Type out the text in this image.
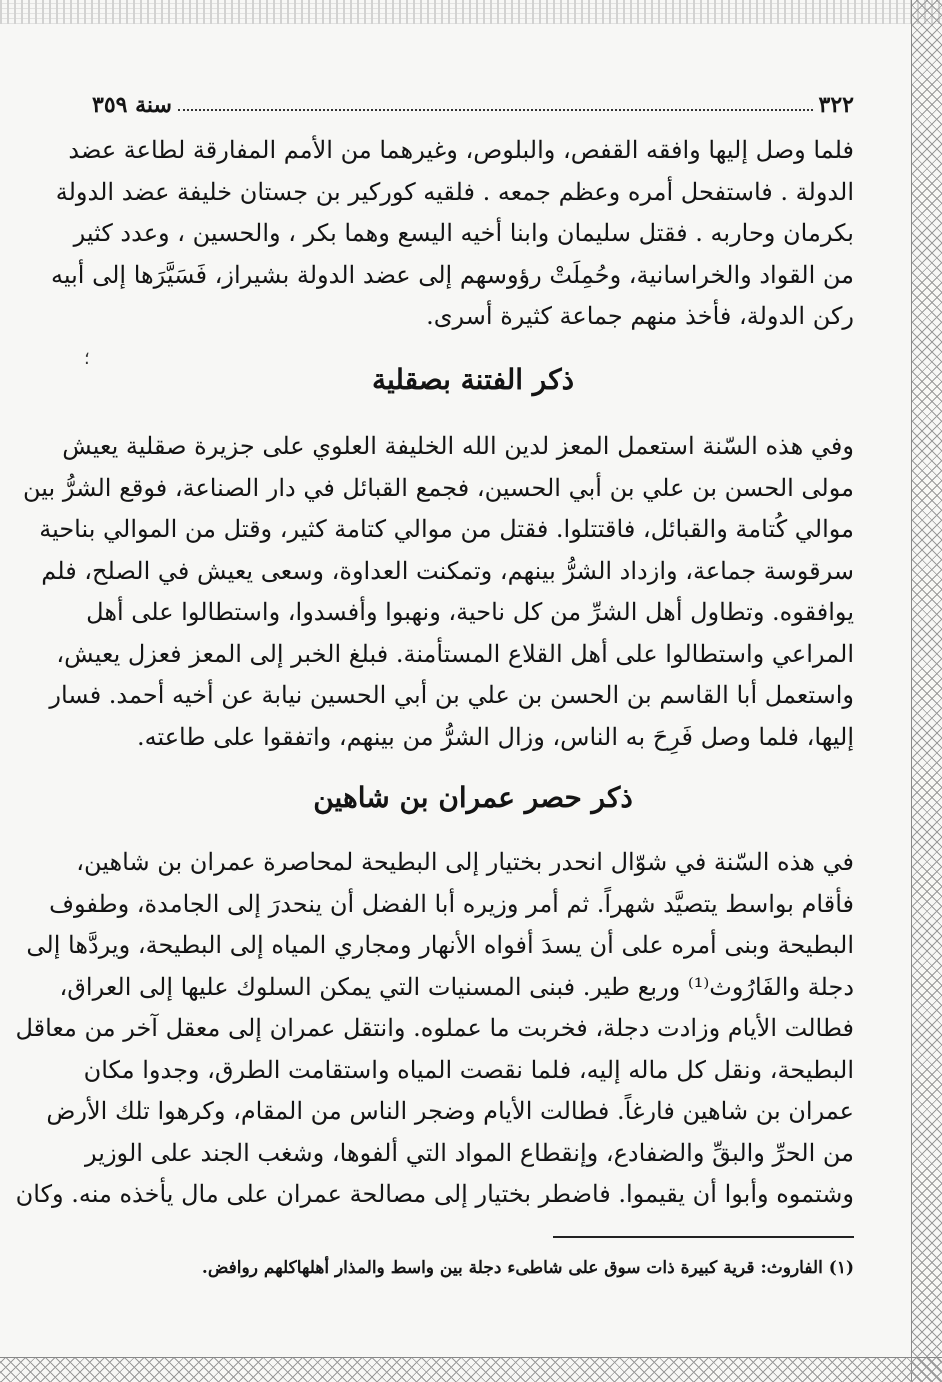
٣٢٢
سنة ٣٥٩
فلما وصل إليها وافقه القفص، والبلوص، وغيرهما من الأمم المفارقة لطاعة عضد
الدولة . فاستفحل أمره وعظم جمعه . فلقيه كوركير بن جستان خليفة عضد الدولة
بكرمان وحاربه . فقتل سليمان وابنا أخيه اليسع وهما بكر ، والحسين ، وعدد كثير
من القواد والخراسانية، وحُمِلَتْ رؤوسهم إلى عضد الدولة بشيراز، فَسَيَّرَها إلى أبيه
ركن الدولة، فأخذ منهم جماعة كثيرة أسرى.
؛
ذكر الفتنة بصقلية
وفي هذه السّنة استعمل المعز لدين الله الخليفة العلوي على جزيرة صقلية يعيش
مولى الحسن بن علي بن أبي الحسين، فجمع القبائل في دار الصناعة، فوقع الشرُّ بين
موالي كُتامة والقبائل، فاقتتلوا. فقتل من موالي كتامة كثير، وقتل من الموالي بناحية
سرقوسة جماعة، وازداد الشرُّ بينهم، وتمكنت العداوة، وسعى يعيش في الصلح، فلم
يوافقوه. وتطاول أهل الشرِّ من كل ناحية، ونهبوا وأفسدوا، واستطالوا على أهل
المراعي واستطالوا على أهل القلاع المستأمنة. فبلغ الخبر إلى المعز فعزل يعيش،
واستعمل أبا القاسم بن الحسن بن علي بن أبي الحسين نيابة عن أخيه أحمد. فسار
إليها، فلما وصل فَرِحَ به الناس، وزال الشرُّ من بينهم، واتفقوا على طاعته.
ذكر حصر عمران بن شاهين
في هذه السّنة في شوّال انحدر بختيار إلى البطيحة لمحاصرة عمران بن شاهين،
فأقام بواسط يتصيَّد شهراً. ثم أمر وزيره أبا الفضل أن ينحدرَ إلى الجامدة، وطفوف
البطيحة وبنى أمره على أن يسدَ أفواه الأنهار ومجاري المياه إلى البطيحة، ويردَّها إلى
دجلة والفَارُوث⁽¹⁾ وربع طير. فبنى المسنيات التي يمكن السلوك عليها إلى العراق،
فطالت الأيام وزادت دجلة، فخربت ما عملوه. وانتقل عمران إلى معقل آخر من معاقل
البطيحة، ونقل كل ماله إليه، فلما نقصت المياه واستقامت الطرق، وجدوا مكان
عمران بن شاهين فارغاً. فطالت الأيام وضجر الناس من المقام، وكرهوا تلك الأرض
من الحرِّ والبقِّ والضفادع، وإنقطاع المواد التي ألفوها، وشغب الجند على الوزير
وشتموه وأبوا أن يقيموا. فاضطر بختيار إلى مصالحة عمران على مال يأخذه منه. وكان
(١) الفاروث: قرية كبيرة ذات سوق على شاطىء دجلة بين واسط والمذار أهلهاكلهم روافض.
